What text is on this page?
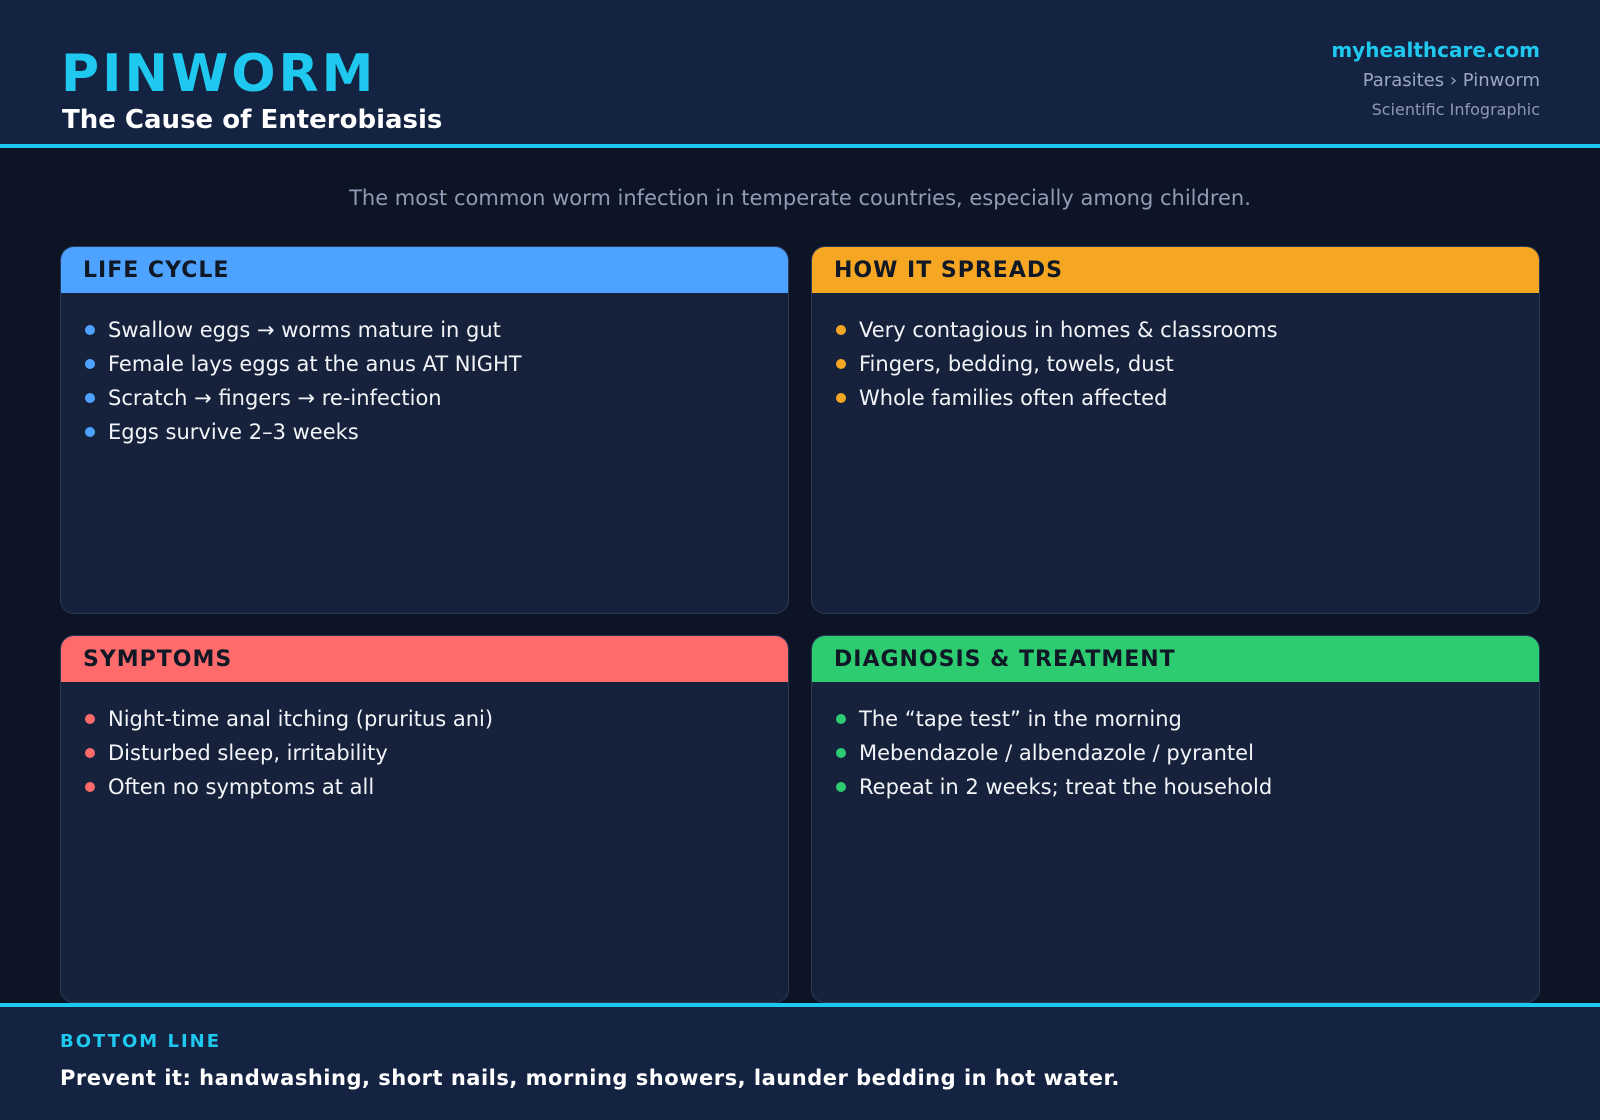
PINWORM
The Cause of Enterobiasis
myhealthcare.com
Parasites › Pinworm
Scientific Infographic
The most common worm infection in temperate countries, especially among children.
LIFE CYCLE
Swallow eggs → worms mature in gut
Female lays eggs at the anus AT NIGHT
Scratch → fingers → re-infection
Eggs survive 2–3 weeks
HOW IT SPREADS
Very contagious in homes & classrooms
Fingers, bedding, towels, dust
Whole families often affected
SYMPTOMS
Night-time anal itching (pruritus ani)
Disturbed sleep, irritability
Often no symptoms at all
DIAGNOSIS & TREATMENT
The “tape test” in the morning
Mebendazole / albendazole / pyrantel
Repeat in 2 weeks; treat the household
BOTTOM LINE
Prevent it: handwashing, short nails, morning showers, launder bedding in hot water.
